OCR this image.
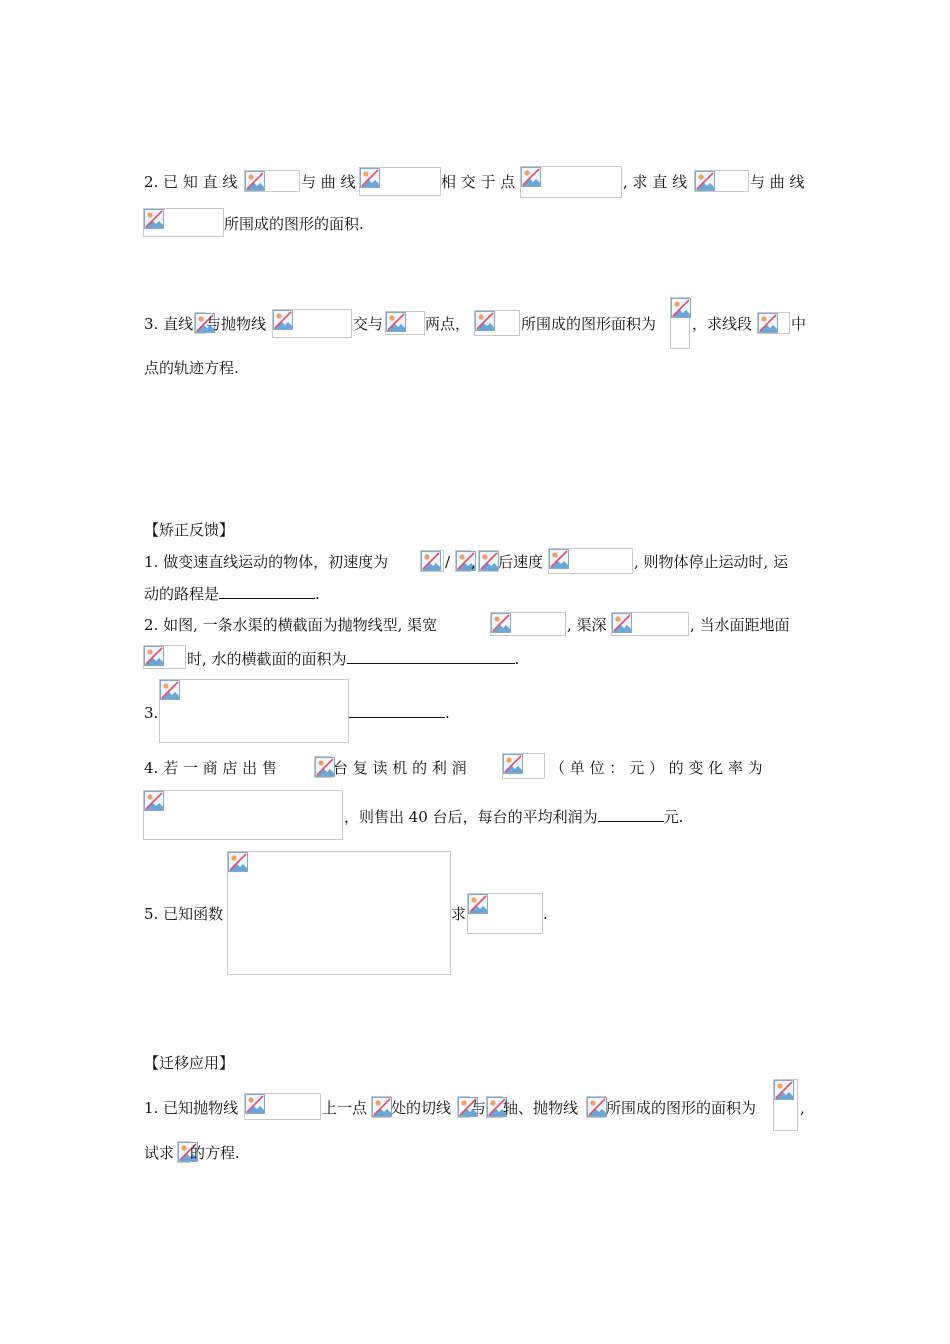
2. 已 知 直 线	与 曲 线	相 交 于 点	, 求 直 线	与 曲 线
所围成的图形的面积.
3. 直线 与抛物线	交与	两点，	所围成的图形面积为 ，求线段	中
点的轨迹方程.
【矫正反馈】
1. 做变速直线运动的物体，初速度为	/ , 后速度	, 则物体停止运动时, 运
动的路程是	.
2. 如图, 一条水渠的横截面为抛物线型, 渠宽	, 渠深	, 当水面距地面
时, 水的横截面的面积为	.
3.	.
4. 若 一 商 店 出 售	台 复 读 机 的 利 润	（ 单 位 ： 元 ） 的 变 化 率 为
，则售出 40 台后，每台的平均利润为	元.
5. 已知函数	求	.
【迁移应用】
1. 已知抛物线	上一点 处的切线 与 轴、抛物线 所围成的图形的面积为	,
试求 的方程.
